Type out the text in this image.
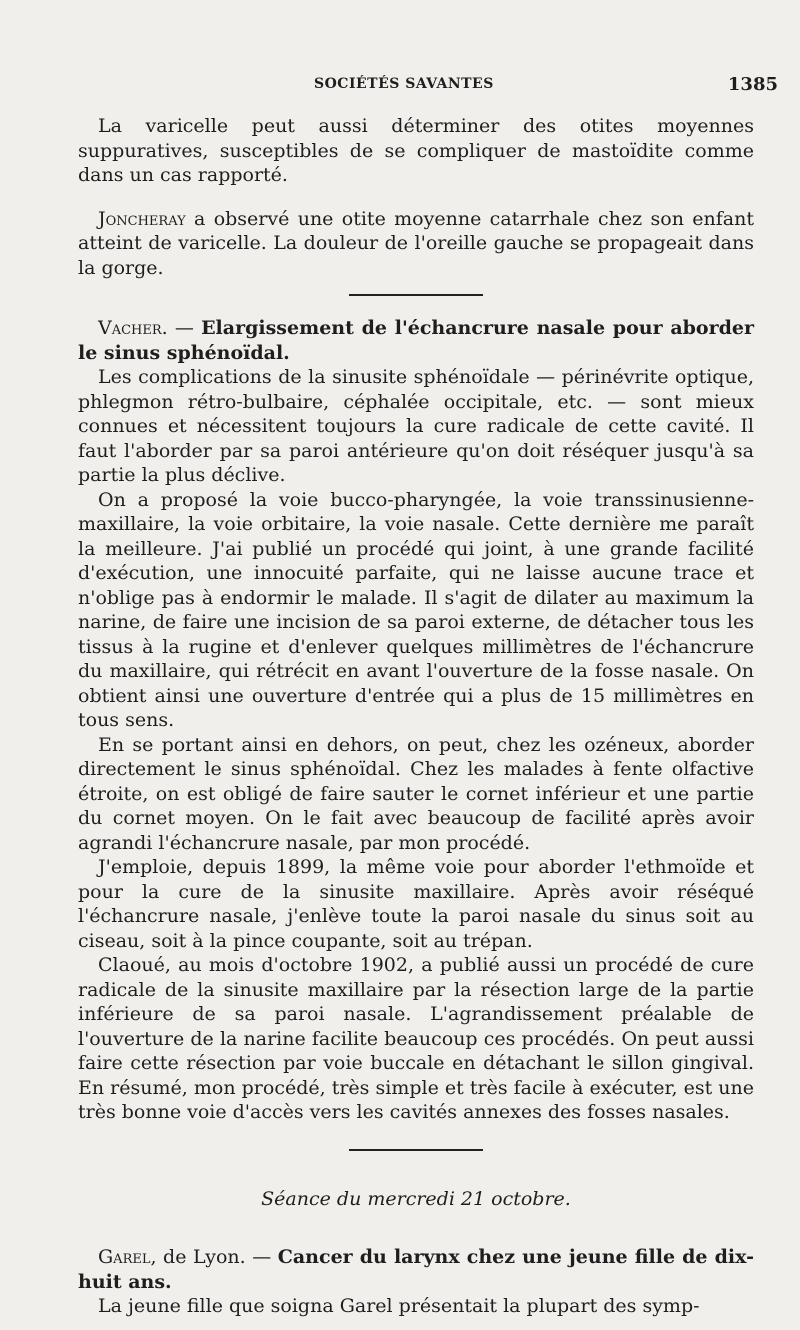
SOCIÉTÉS SAVANTES	1385

La varicelle peut aussi déterminer des otites moyennes suppuratives, susceptibles de se compliquer de mastoïdite comme dans un cas rapporté.

Joncheray a observé une otite moyenne catarrhale chez son enfant atteint de varicelle. La douleur de l'oreille gauche se propageait dans la gorge.

Vacher. — Elargissement de l'échancrure nasale pour aborder le sinus sphénoïdal.

Les complications de la sinusite sphénoïdale — périnévrite optique, phlegmon rétro-bulbaire, céphalée occipitale, etc. — sont mieux connues et nécessitent toujours la cure radicale de cette cavité. Il faut l'aborder par sa paroi antérieure qu'on doit réséquer jusqu'à sa partie la plus déclive.

On a proposé la voie bucco-pharyngée, la voie transsinusienne-maxillaire, la voie orbitaire, la voie nasale. Cette dernière me paraît la meilleure. J'ai publié un procédé qui joint, à une grande facilité d'exécution, une innocuité parfaite, qui ne laisse aucune trace et n'oblige pas à endormir le malade. Il s'agit de dilater au maximum la narine, de faire une incision de sa paroi externe, de détacher tous les tissus à la rugine et d'enlever quelques millimètres de l'échancrure du maxillaire, qui rétrécit en avant l'ouverture de la fosse nasale. On obtient ainsi une ouverture d'entrée qui a plus de 15 millimètres en tous sens.

En se portant ainsi en dehors, on peut, chez les ozéneux, aborder directement le sinus sphénoïdal. Chez les malades à fente olfactive étroite, on est obligé de faire sauter le cornet inférieur et une partie du cornet moyen. On le fait avec beaucoup de facilité après avoir agrandi l'échancrure nasale, par mon procédé.

J'emploie, depuis 1899, la même voie pour aborder l'ethmoïde et pour la cure de la sinusite maxillaire. Après avoir réséqué l'échancrure nasale, j'enlève toute la paroi nasale du sinus soit au ciseau, soit à la pince coupante, soit au trépan.

Claoué, au mois d'octobre 1902, a publié aussi un procédé de cure radicale de la sinusite maxillaire par la résection large de la partie inférieure de sa paroi nasale. L'agrandissement préalable de l'ouverture de la narine facilite beaucoup ces procédés. On peut aussi faire cette résection par voie buccale en détachant le sillon gingival. En résumé, mon procédé, très simple et très facile à exécuter, est une très bonne voie d'accès vers les cavités annexes des fosses nasales.

Séance du mercredi 21 octobre.

Garel, de Lyon. — Cancer du larynx chez une jeune fille de dix-huit ans.

La jeune fille que soigna Garel présentait la plupart des symp-
